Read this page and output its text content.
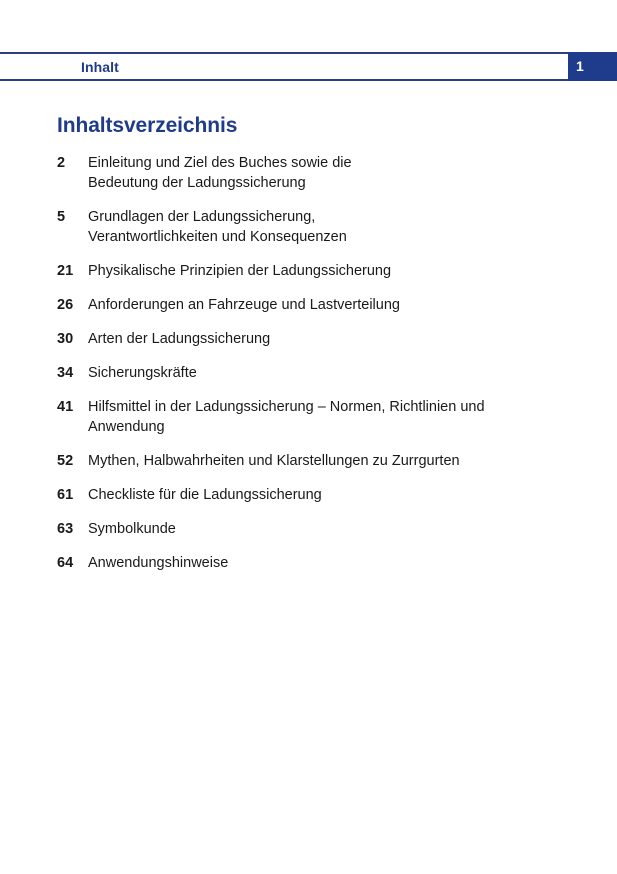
Inhalt	1
Inhaltsverzeichnis
2	Einleitung und Ziel des Buches sowie die
Bedeutung der Ladungssicherung
5	Grundlagen der Ladungssicherung,
Verantwortlichkeiten und Konsequenzen
21	Physikalische Prinzipien der Ladungssicherung
26	Anforderungen an Fahrzeuge und Lastverteilung
30	Arten der Ladungssicherung
34	Sicherungskräfte
41	Hilfsmittel in der Ladungssicherung – Normen, Richtlinien und
Anwendung
52	Mythen, Halbwahrheiten und Klarstellungen zu Zurrgurten
61	Checkliste für die Ladungssicherung
63	Symbolkunde
64	Anwendungshinweise
